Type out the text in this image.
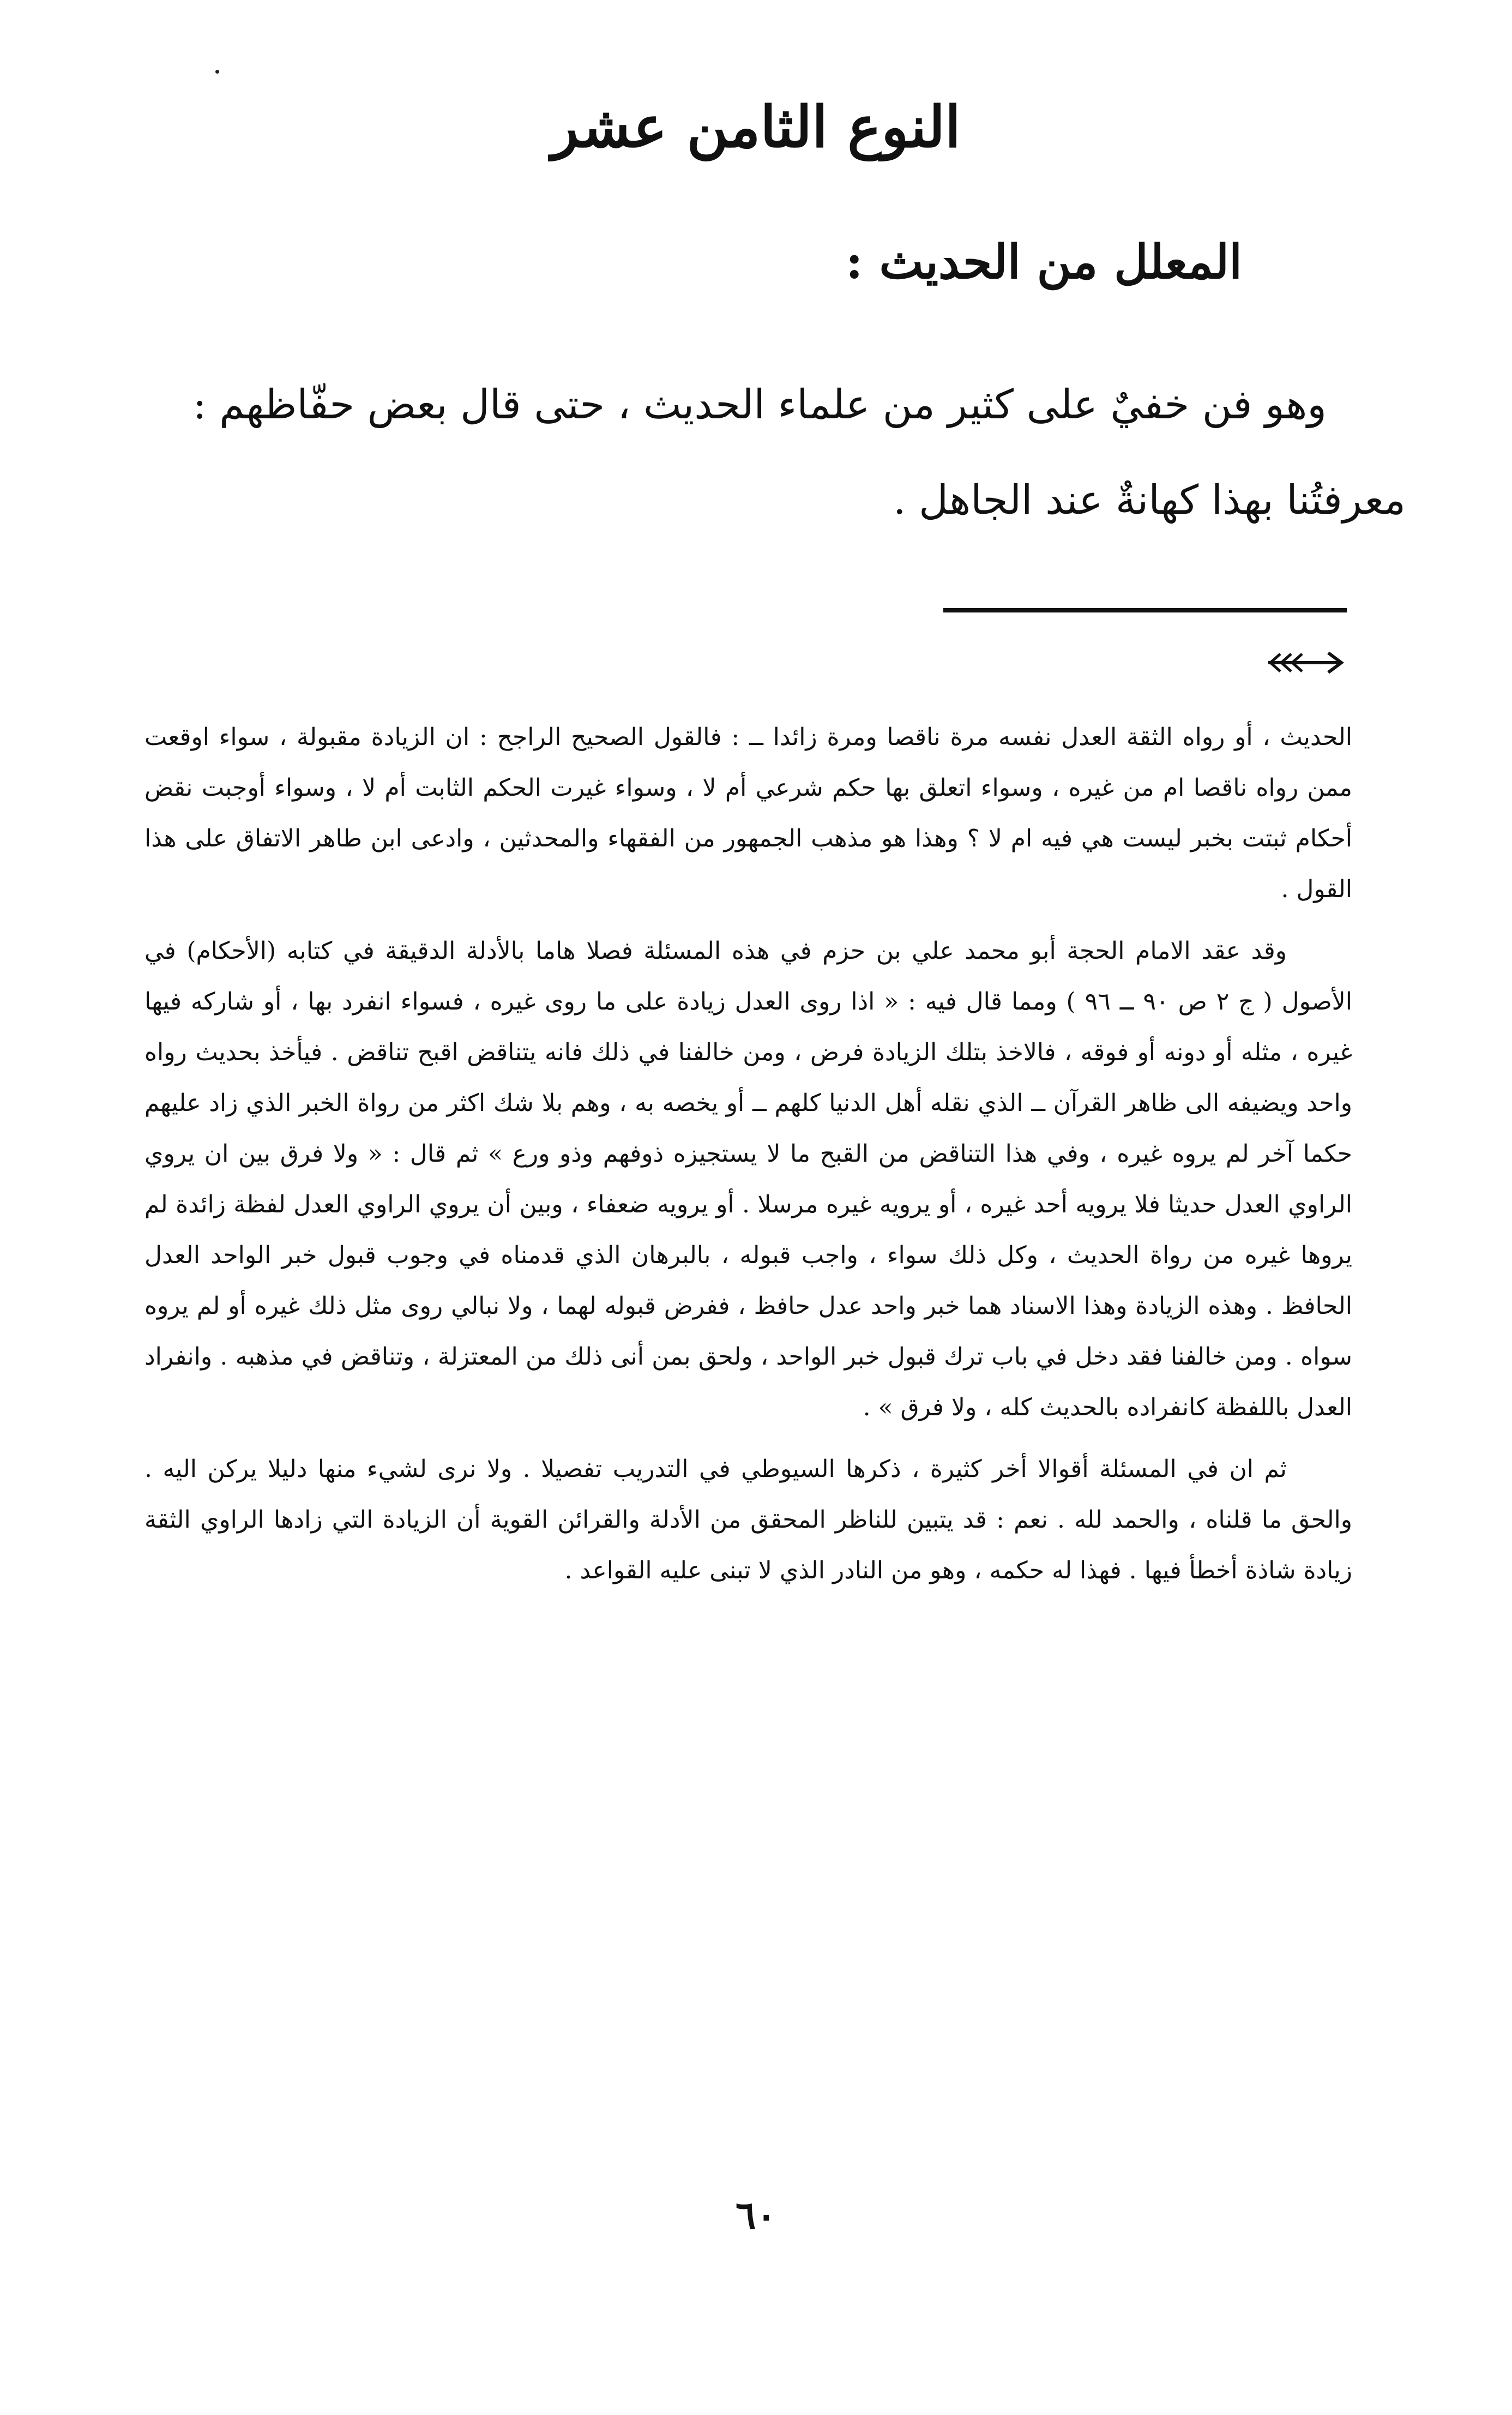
النوع الثامن عشر
المعلل من الحديث :

وهو فن خفيٌ على كثير من علماء الحديث ، حتى قال بعض حفّاظهم :

معرفتُنا بهذا كهانةٌ عند الجاهل .

الحديث ، أو رواه الثقة العدل نفسه مرة ناقصا ومرة زائدا ــ : فالقول الصحيح الراجح : ان الزيادة مقبولة ، سواء اوقعت ممن رواه ناقصا ام من غيره ، وسواء اتعلق بها حكم شرعي أم لا ، وسواء غيرت الحكم الثابت أم لا ، وسواء أوجبت نقض أحكام ثبتت بخبر ليست هي فيه ام لا ؟ وهذا هو مذهب الجمهور من الفقهاء والمحدثين ، وادعى ابن طاهر الاتفاق على هذا القول .

وقد عقد الامام الحجة أبو محمد علي بن حزم في هذه المسئلة فصلا هاما بالأدلة الدقيقة في كتابه (الأحكام) في الأصول ( ج ٢ ص ٩٠ ــ ٩٦ ) ومما قال فيه : « اذا روى العدل زيادة على ما روى غيره ، فسواء انفرد بها ، أو شاركه فيها غيره ، مثله أو دونه أو فوقه ، فالاخذ بتلك الزيادة فرض ، ومن خالفنا في ذلك فانه يتناقض اقبح تناقض . فيأخذ بحديث رواه واحد ويضيفه الى ظاهر القرآن ــ الذي نقله أهل الدنيا كلهم ــ أو يخصه به ، وهم بلا شك اكثر من رواة الخبر الذي زاد عليهم حكما آخر لم يروه غيره ، وفي هذا التناقض من القبح ما لا يستجيزه ذوفهم وذو ورع » ثم قال : « ولا فرق بين ان يروي الراوي العدل حديثا فلا يرويه أحد غيره ، أو يرويه غيره مرسلا . أو يرويه ضعفاء ، وبين أن يروي الراوي العدل لفظة زائدة لم يروها غيره من رواة الحديث ، وكل ذلك سواء ، واجب قبوله ، بالبرهان الذي قدمناه في وجوب قبول خبر الواحد العدل الحافظ . وهذه الزيادة وهذا الاسناد هما خبر واحد عدل حافظ ، ففرض قبوله لهما ، ولا نبالي روى مثل ذلك غيره أو لم يروه سواه . ومن خالفنا فقد دخل في باب ترك قبول خبر الواحد ، ولحق بمن أنى ذلك من المعتزلة ، وتناقض في مذهبه . وانفراد العدل باللفظة كانفراده بالحديث كله ، ولا فرق » .

ثم ان في المسئلة أقوالا أخر كثيرة ، ذكرها السيوطي في التدريب تفصيلا . ولا نرى لشيء منها دليلا يركن اليه . والحق ما قلناه ، والحمد لله . نعم : قد يتبين للناظر المحقق من الأدلة والقرائن القوية أن الزيادة التي زادها الراوي الثقة زيادة شاذة أخطأ فيها . فهذا له حكمه ، وهو من النادر الذي لا تبنى عليه القواعد .

٦٠
